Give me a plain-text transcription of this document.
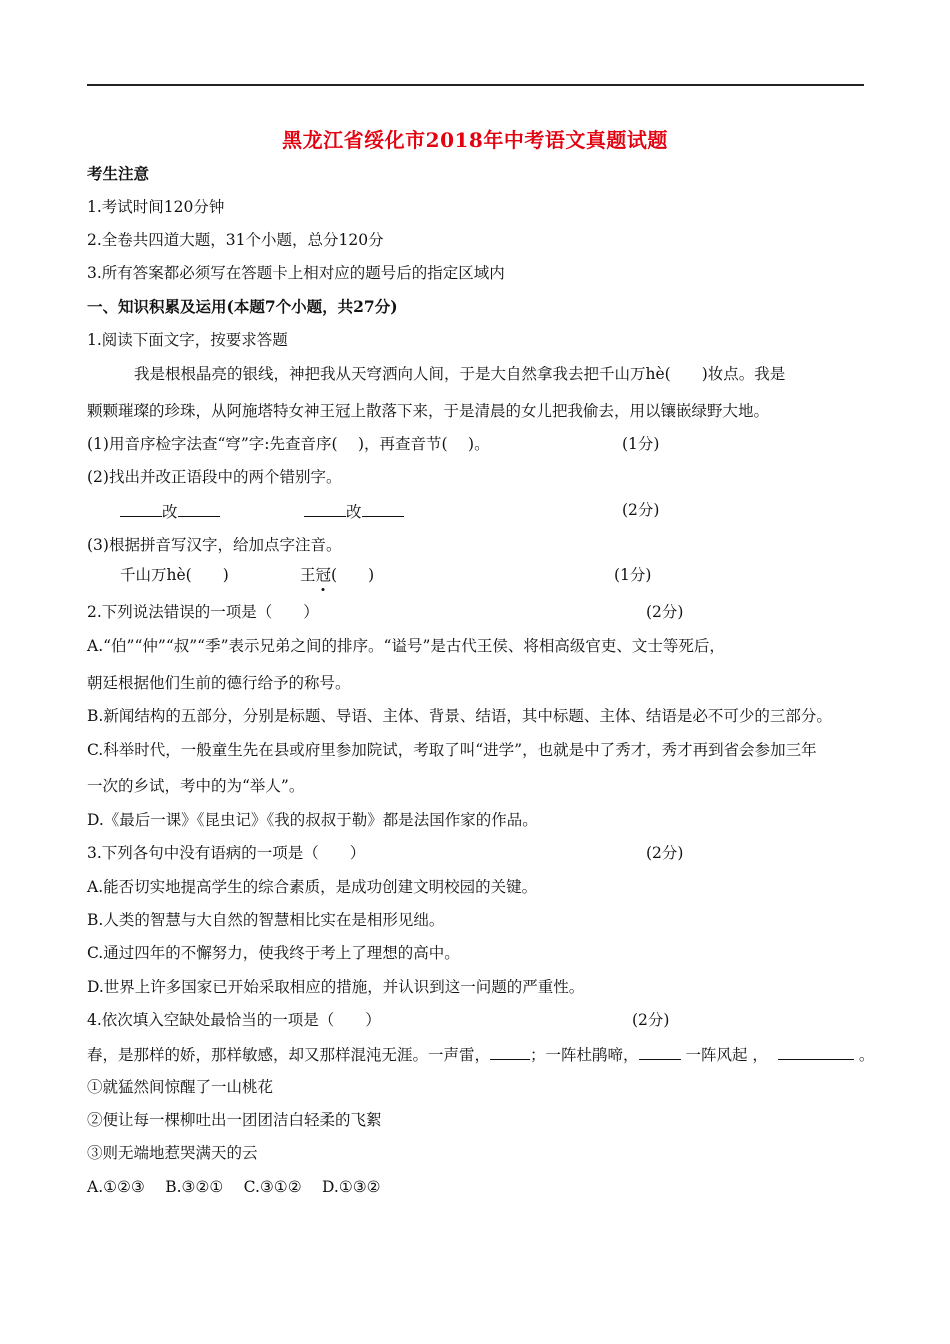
黑龙江省绥化市2018年中考语文真题试题
考生注意
1.考试时间120分钟
2.全卷共四道大题，31个小题，总分120分
3.所有答案都必须写在答题卡上相对应的题号后的指定区域内
一、知识积累及运用(本题7个小题，共27分)
1.阅读下面文字，按要求答题
我是根根晶亮的银线，神把我从天穹洒向人间，于是大自然拿我去把千山万hè(　　)妆点。我是
颗颗璀璨的珍珠，从阿施塔特女神王冠上散落下来，于是清晨的女儿把我偷去，用以镶嵌绿野大地。
(1)用音序检字法查“穹”字:先查音序(　 )，再查音节(　 )。	(1分)
(2)找出并改正语段中的两个错别字。
改	改	(2分)
(3)根据拼音写汉字，给加点字注音。
千山万hè(　　)	王冠(　　)	(1分)
2.下列说法错误的一项是（　　）	(2分)
A.“伯”“仲”“叔”“季”表示兄弟之间的排序。“谥号”是古代王侯、将相高级官吏、文士等死后，
朝廷根据他们生前的德行给予的称号。
B.新闻结构的五部分，分别是标题、导语、主体、背景、结语，其中标题、主体、结语是必不可少的三部分。
C.科举时代，一般童生先在县或府里参加院试，考取了叫“进学”，也就是中了秀才，秀才再到省会参加三年
一次的乡试，考中的为“举人”。
D.《最后一课》《昆虫记》《我的叔叔于勒》都是法国作家的作品。
3.下列各句中没有语病的一项是（　　）	(2分)
A.能否切实地提高学生的综合素质，是成功创建文明校园的关键。
B.人类的智慧与大自然的智慧相比实在是相形见绌。
C.通过四年的不懈努力，使我终于考上了理想的高中。
D.世界上许多国家已开始采取相应的措施，并认识到这一问题的严重性。
4.依次填入空缺处最恰当的一项是（　　）	(2分)
春，是那样的娇，那样敏感，却又那样混沌无涯。一声雷，	；一阵杜鹃啼，	一阵风起 ，	。
①就猛然间惊醒了一山桃花
②便让每一棵柳吐出一团团洁白轻柔的飞絮
③则无端地惹哭满天的云
A.①②③　 B.③②①　 C.③①②　 D.①③②
